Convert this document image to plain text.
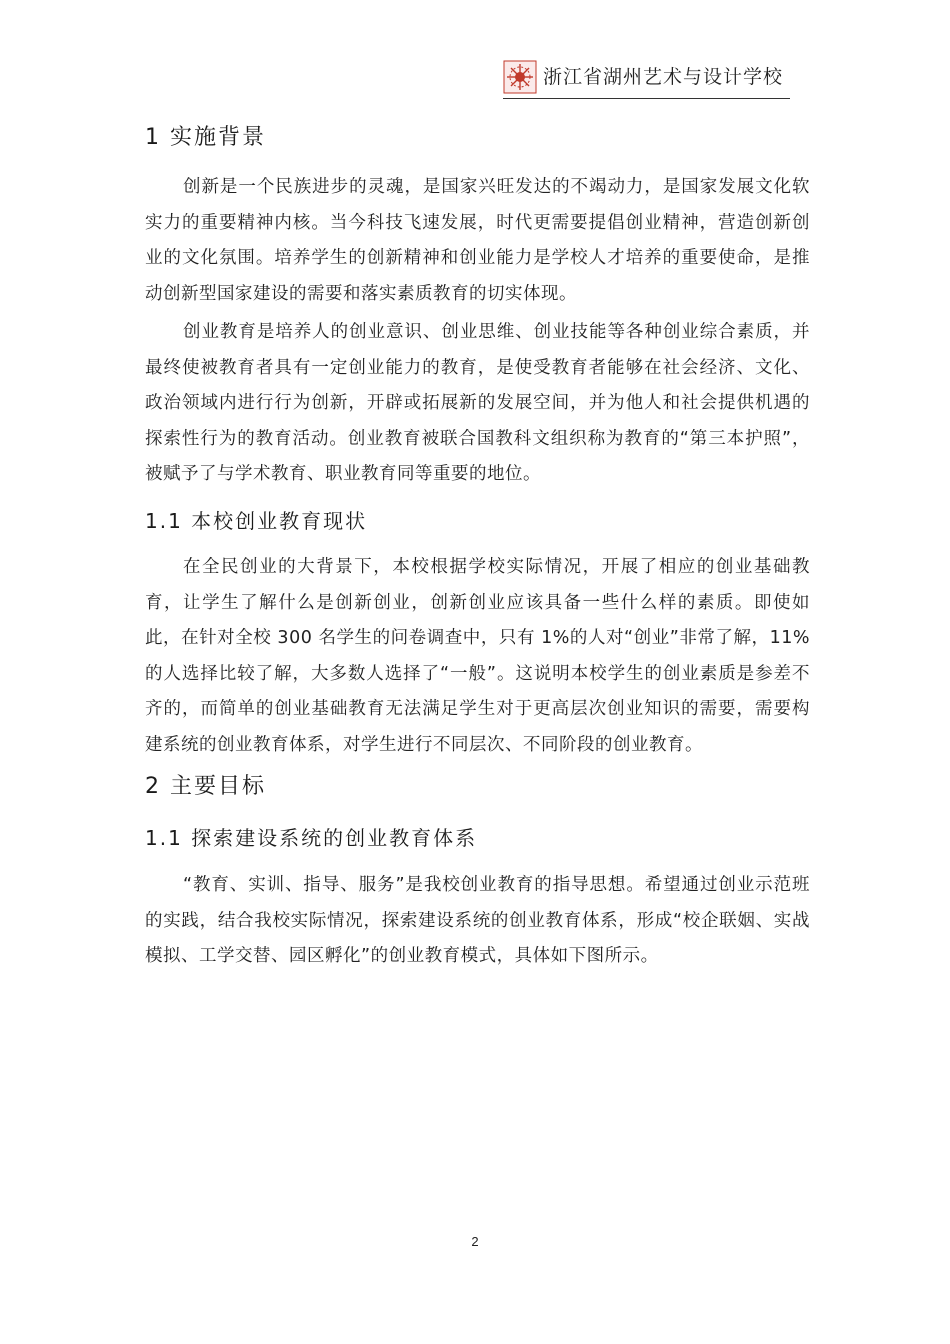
浙江省湖州艺术与设计学校
1 实施背景
创新是一个民族进步的灵魂，是国家兴旺发达的不竭动力，是国家发展文化软实力的重要精神内核。当今科技飞速发展，时代更需要提倡创业精神，营造创新创业的文化氛围。培养学生的创新精神和创业能力是学校人才培养的重要使命，是推动创新型国家建设的需要和落实素质教育的切实体现。
创业教育是培养人的创业意识、创业思维、创业技能等各种创业综合素质，并最终使被教育者具有一定创业能力的教育，是使受教育者能够在社会经济、文化、政治领域内进行行为创新，开辟或拓展新的发展空间，并为他人和社会提供机遇的探索性行为的教育活动。创业教育被联合国教科文组织称为教育的“第三本护照”，被赋予了与学术教育、职业教育同等重要的地位。
1.1 本校创业教育现状
在全民创业的大背景下，本校根据学校实际情况，开展了相应的创业基础教育，让学生了解什么是创新创业，创新创业应该具备一些什么样的素质。即使如此，在针对全校 300 名学生的问卷调查中，只有 1%的人对“创业”非常了解，11%的人选择比较了解，大多数人选择了“一般”。这说明本校学生的创业素质是参差不齐的，而简单的创业基础教育无法满足学生对于更高层次创业知识的需要，需要构建系统的创业教育体系，对学生进行不同层次、不同阶段的创业教育。
2 主要目标
1.1 探索建设系统的创业教育体系
“教育、实训、指导、服务”是我校创业教育的指导思想。希望通过创业示范班的实践，结合我校实际情况，探索建设系统的创业教育体系，形成“校企联姻、实战模拟、工学交替、园区孵化”的创业教育模式，具体如下图所示。
2
